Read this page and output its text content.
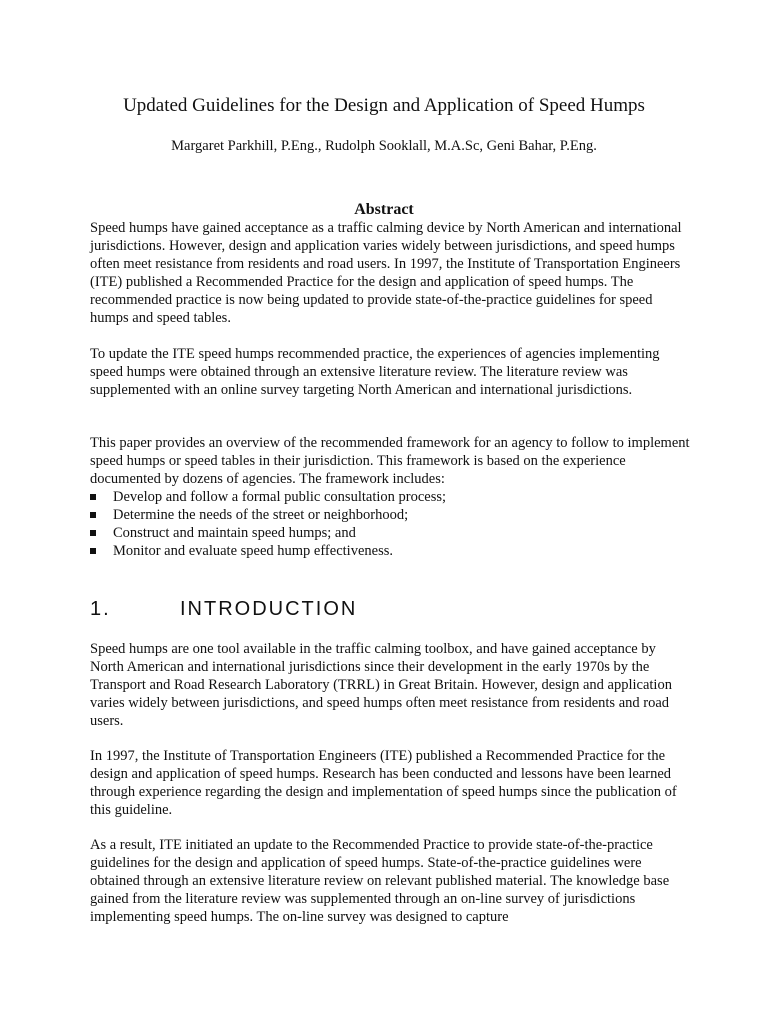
Updated Guidelines for the Design and Application of Speed Humps
Margaret Parkhill, P.Eng., Rudolph Sooklall, M.A.Sc, Geni Bahar, P.Eng.
Abstract

Speed humps have gained acceptance as a traffic calming device by North American and international jurisdictions. However, design and application varies widely between jurisdictions, and speed humps often meet resistance from residents and road users. In 1997, the Institute of Transportation Engineers (ITE) published a Recommended Practice for the design and application of speed humps. The recommended practice is now being updated to provide state-of-the-practice guidelines for speed humps and speed tables.

To update the ITE speed humps recommended practice, the experiences of agencies implementing speed humps were obtained through an extensive literature review. The literature review was supplemented with an online survey targeting North American and international jurisdictions.

This paper provides an overview of the recommended framework for an agency to follow to implement speed humps or speed tables in their jurisdiction. This framework is based on the experience documented by dozens of agencies. The framework includes:

Develop and follow a formal public consultation process;
Determine the needs of the street or neighborhood;
Construct and maintain speed humps; and
Monitor and evaluate speed hump effectiveness.
1.	INTRODUCTION

Speed humps are one tool available in the traffic calming toolbox, and have gained acceptance by North American and international jurisdictions since their development in the early 1970s by the Transport and Road Research Laboratory (TRRL) in Great Britain. However, design and application varies widely between jurisdictions, and speed humps often meet resistance from residents and road users.

In 1997, the Institute of Transportation Engineers (ITE) published a Recommended Practice for the design and application of speed humps. Research has been conducted and lessons have been learned through experience regarding the design and implementation of speed humps since the publication of this guideline.

As a result, ITE initiated an update to the Recommended Practice to provide state-of-the-practice guidelines for the design and application of speed humps. State-of-the-practice guidelines were obtained through an extensive literature review on relevant published material. The knowledge base gained from the literature review was supplemented through an on-line survey of jurisdictions implementing speed humps. The on-line survey was designed to capture
